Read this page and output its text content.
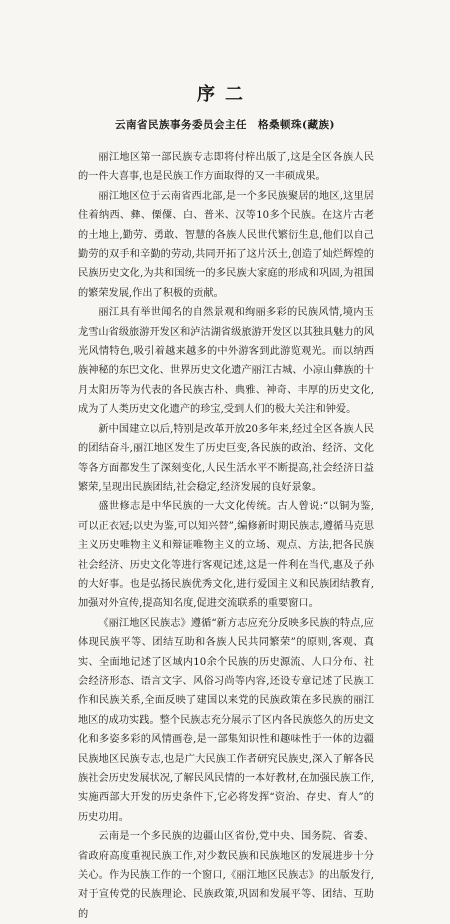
序二
云南省民族事务委员会主任　格桑顿珠(藏族)

丽江地区第一部民族专志即将付梓出版了,这是全区各族人民的一件大喜事,也是民族工作方面取得的又一丰硕成果。

丽江地区位于云南省西北部,是一个多民族聚居的地区,这里居住着纳西、彝、傈僳、白、普米、汉等10多个民族。在这片古老的土地上,勤劳、勇敢、智慧的各族人民世代繁衍生息,他们以自己勤劳的双手和辛勤的劳动,共同开拓了这片沃土,创造了灿烂辉煌的民族历史文化,为共和国统一的多民族大家庭的形成和巩固,为祖国的繁荣发展,作出了积极的贡献。

丽江具有举世闻名的自然景观和绚丽多彩的民族风情,境内玉龙雪山省级旅游开发区和泸沽湖省级旅游开发区以其独具魅力的风光风情特色,吸引着越来越多的中外游客到此游览观光。而以纳西族神秘的东巴文化、世界历史文化遗产丽江古城、小凉山彝族的十月太阳历等为代表的各民族古朴、典雅、神奇、丰厚的历史文化,成为了人类历史文化遗产的珍宝,受到人们的极大关注和钟爱。

新中国建立以后,特别是改革开放20多年来,经过全区各族人民的团结奋斗,丽江地区发生了历史巨变,各民族的政治、经济、文化等各方面都发生了深刻变化,人民生活水平不断提高,社会经济日益繁荣,呈现出民族团结,社会稳定,经济发展的良好景象。

盛世修志是中华民族的一大文化传统。古人曾说:“以铜为鉴,可以正衣冠;以史为鉴,可以知兴替”,编修新时期民族志,遵循马克思主义历史唯物主义和辩证唯物主义的立场、观点、方法,把各民族社会经济、历史文化等进行客观记述,这是一件利在当代,惠及子孙的大好事。也是弘扬民族优秀文化,进行爱国主义和民族团结教育,加强对外宣传,提高知名度,促进交流联系的重要窗口。

《丽江地区民族志》遵循“新方志应充分反映多民族的特点,应体现民族平等、团结互助和各族人民共同繁荣”的原则,客观、真实、全面地记述了区域内10余个民族的历史源流、人口分布、社会经济形态、语言文字、风俗习尚等内容,还设专章记述了民族工作和民族关系,全面反映了建国以来党的民族政策在多民族的丽江地区的成功实践。整个民族志充分展示了区内各民族悠久的历史文化和多姿多彩的风情画卷,是一部集知识性和趣味性于一体的边疆民族地区民族专志,也是广大民族工作者研究民族史,深入了解各民族社会历史发展状况,了解民风民情的一本好教材,在加强民族工作,实施西部大开发的历史条件下,它必将发挥“资治、存史、育人”的历史功用。

云南是一个多民族的边疆山区省份,党中央、国务院、省委、省政府高度重视民族工作,对少数民族和民族地区的发展进步十分关心。作为民族工作的一个窗口,《丽江地区民族志》的出版发行,对于宣传党的民族理论、民族政策,巩固和发展平等、团结、互助的
